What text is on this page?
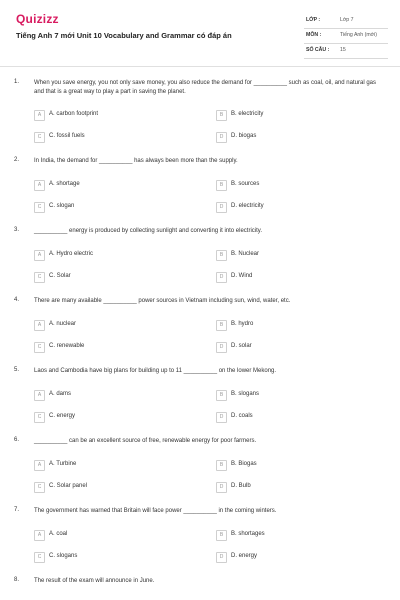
Quizizz
Tiếng Anh 7 mới Unit 10 Vocabulary and Grammar có đáp án
LỚP :	Lớp 7
MÔN :	Tiếng Anh (mới)
SỐ CÂU : 15
1. When you save energy, you not only save money, you also reduce the demand for __________ such as coal, oil, and natural gas and that is a great way to play a part in saving the planet.
A	A. carbon footprint	B	B. electricity
C	C. fossil fuels	D	D. biogas
2. In India, the demand for __________ has always been more than the supply.
A	A. shortage	B	B. sources
C	C. slogan	D	D. electricity
3. __________ energy is produced by collecting sunlight and converting it into electricity.
A	A. Hydro electric	B	B. Nuclear
C	C. Solar	D	D. Wind
4. There are many available __________ power sources in Vietnam including sun, wind, water, etc.
A	A. nuclear	B	B. hydro
C	C. renewable	D	D. solar
5. Laos and Cambodia have big plans for building up to 11 __________ on the lower Mekong.
A	A. dams	B	B. slogans
C	C. energy	D	D. coals
6. __________ can be an excellent source of free, renewable energy for poor farmers.
A	A. Turbine	B	B. Biogas
C	C. Solar panel	D	D. Bulb
7. The government has warned that Britain will face power __________ in the coming winters.
A	A. coal	B	B. shortages
C	C. slogans	D	D. energy
8. The result of the exam will announce in June.
